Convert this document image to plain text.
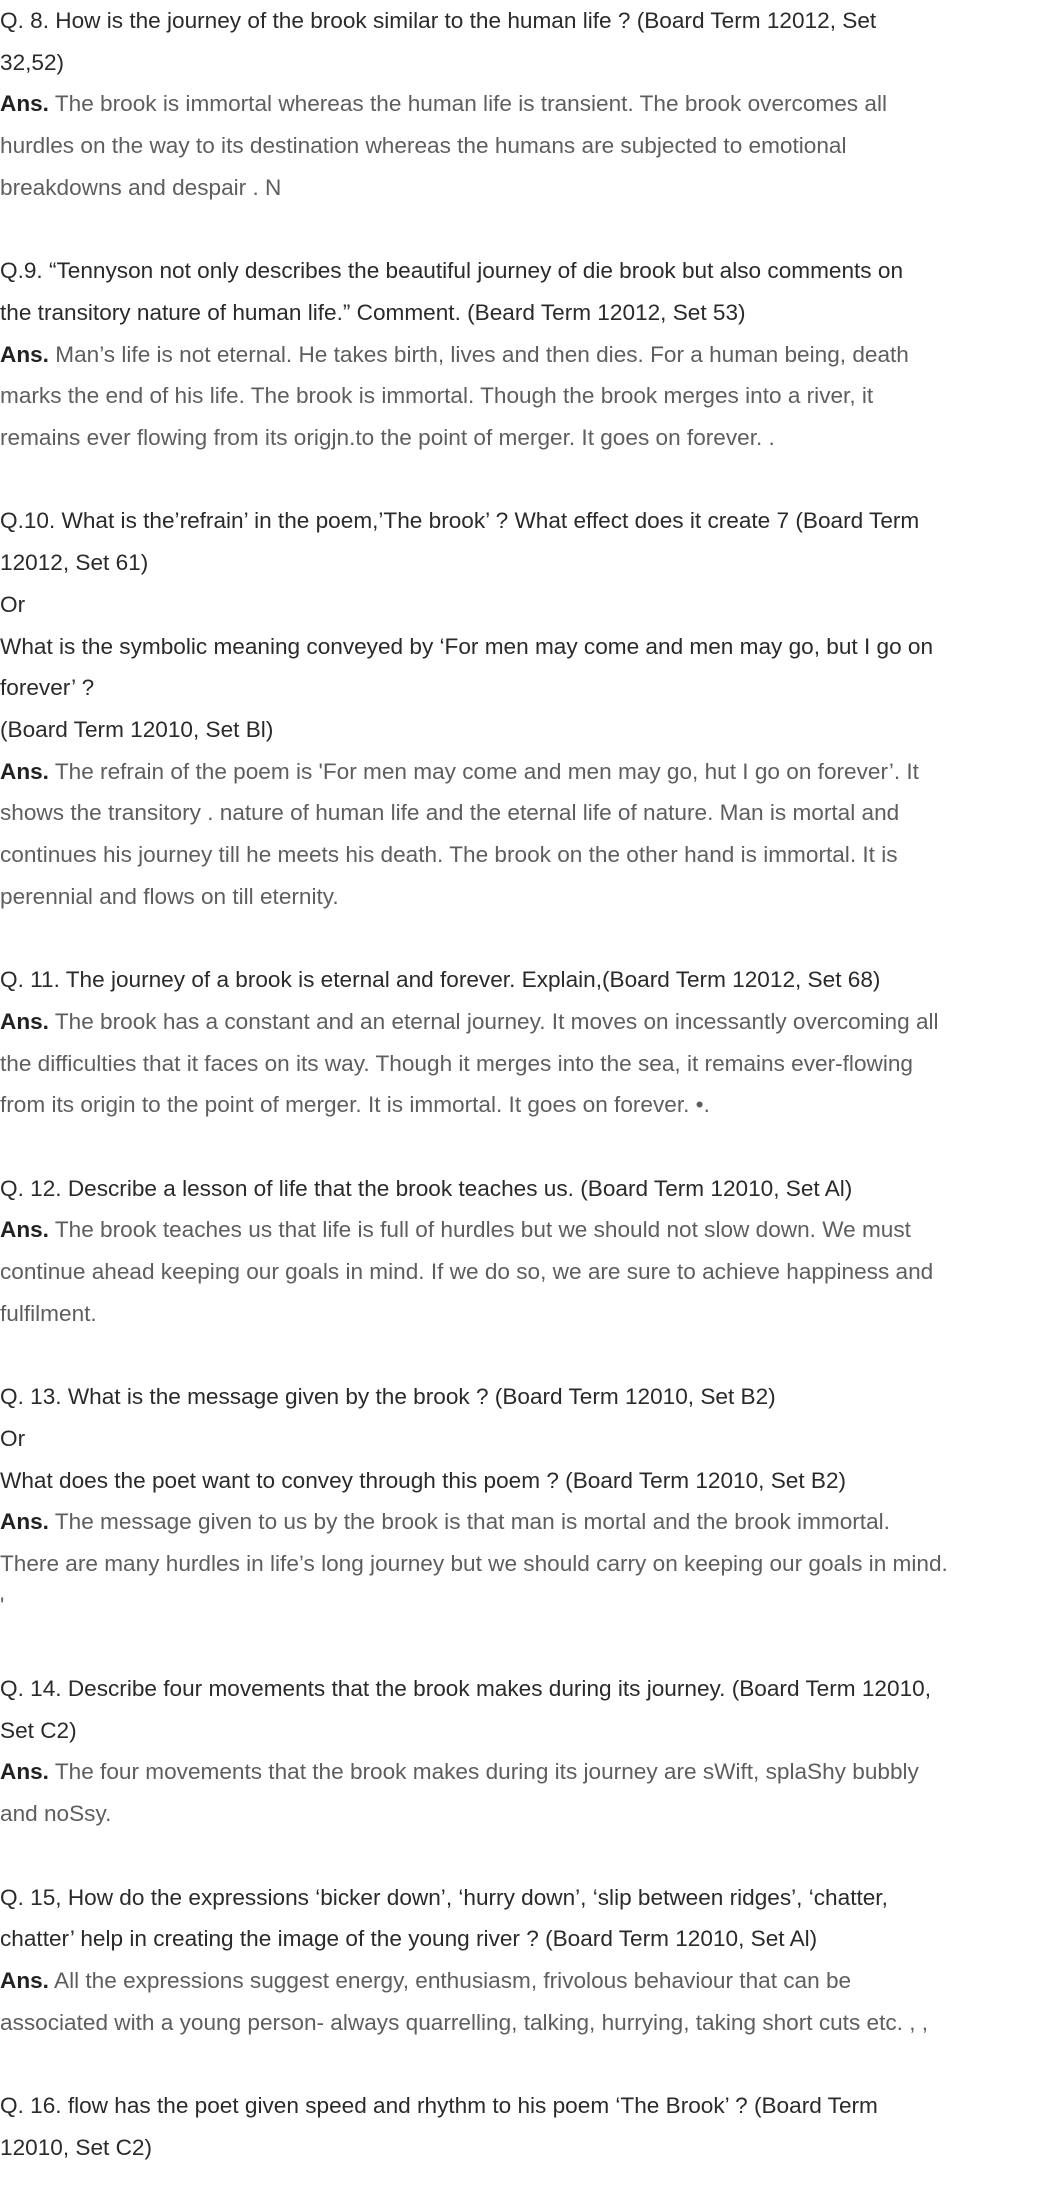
Q. 8. How is the journey of the brook similar to the human life ? (Board Term 12012, Set
32,52)
Ans. The brook is immortal whereas the human life is transient. The brook overcomes all
hurdles on the way to its destination whereas the humans are subjected to emotional
breakdowns and despair . N
Q.9. “Tennyson not only describes the beautiful journey of die brook but also comments on
the transitory nature of human life.” Comment. (Beard Term 12012, Set 53)
Ans. Man’s life is not eternal. He takes birth, lives and then dies. For a human being, death
marks the end of his life. The brook is immortal. Though the brook merges into a river, it
remains ever flowing from its origjn.to the point of merger. It goes on forever. .
Q.10. What is the’refrain’ in the poem,’The brook’ ? What effect does it create 7 (Board Term
12012, Set 61)
Or
What is the symbolic meaning conveyed by ‘For men may come and men may go, but I go on
forever’ ?
(Board Term 12010, Set Bl)
Ans. The refrain of the poem is 'For men may come and men may go, hut I go on forever’. It
shows the transitory . nature of human life and the eternal life of nature. Man is mortal and
continues his journey till he meets his death. The brook on the other hand is immortal. It is
perennial and flows on till eternity.
Q. 11. The journey of a brook is eternal and forever. Explain,(Board Term 12012, Set 68)
Ans. The brook has a constant and an eternal journey. It moves on incessantly overcoming all
the difficulties that it faces on its way. Though it merges into the sea, it remains ever-flowing
from its origin to the point of merger. It is immortal. It goes on forever. •.
Q. 12. Describe a lesson of life that the brook teaches us. (Board Term 12010, Set Al)
Ans. The brook teaches us that life is full of hurdles but we should not slow down. We must
continue ahead keeping our goals in mind. If we do so, we are sure to achieve happiness and
fulfilment.
Q. 13. What is the message given by the brook ? (Board Term 12010, Set B2)
Or
What does the poet want to convey through this poem ? (Board Term 12010, Set B2)
Ans. The message given to us by the brook is that man is mortal and the brook immortal.
There are many hurdles in life’s long journey but we should carry on keeping our goals in mind.
'
Q. 14. Describe four movements that the brook makes during its journey. (Board Term 12010,
Set C2)
Ans. The four movements that the brook makes during its journey are sWift, splaShy bubbly
and noSsy.
Q. 15, How do the expressions ‘bicker down’, ‘hurry down’, ‘slip between ridges’, ‘chatter,
chatter’ help in creating the image of the young river ? (Board Term 12010, Set Al)
Ans. All the expressions suggest energy, enthusiasm, frivolous behaviour that can be
associated with a young person- always quarrelling, talking, hurrying, taking short cuts etc. , ,
Q. 16. flow has the poet given speed and rhythm to his poem ‘The Brook’ ? (Board Term
12010, Set C2)
